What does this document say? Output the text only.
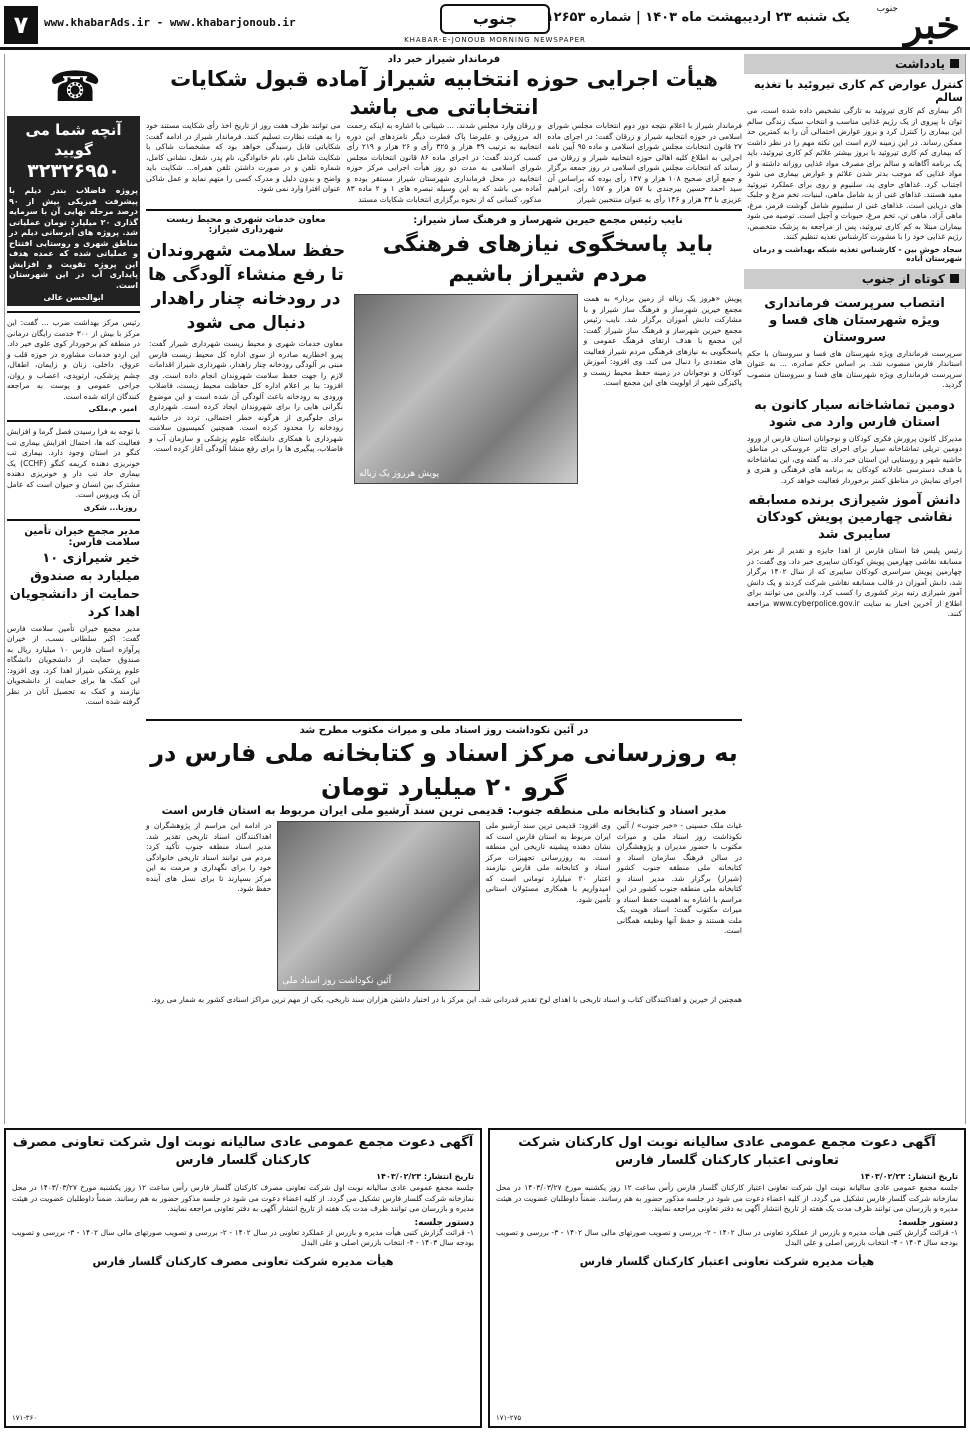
خبر
جنوب
یک شنبه ۲۳ اردیبهشت ماه ۱۴۰۳ | شماره ۱۲۶۵۳
جنوب
KHABAR-E-JONOUB MORNING NEWSPAPER
www.khabarAds.ir - www.khabarjonoub.ir
۷
☎
آنچه شما می گویید
۳۲۳۲۶۹۵۰
پروژه فاضلاب بندر دیلم با پیشرفت فیزیکی بیش از ۹۰ درصد مرحله نهایی آن با سرمایه گذاری ۲۰ میلیارد تومان عملیاتی شد. پروژه های آبرسانی دیلم در مناطق شهری و روستایی افتتاح و عملیاتی شده که عمده هدف این پروژه تقویت و افزایش پایداری آب در این شهرستان است.
ابوالحسن عالی
رئیس مرکز بهداشت ضرب ... گفت: این مرکز با بیش از ۳۰۰ خدمت رایگان درمانی در منطقه کم برخوردار کوی علوی خیر داد. این اردو خدمات مشاوره در حوزه قلب و عروق، داخلی، زنان و زایمان، اطفال، چشم پزشکی، ارتوپدی، اعصاب و روان، جراحی عمومی و پوست به مراجعه کنندگان ارائه شده است.
امیر. م.ملکی
با توجه به فرا رسیدن فصل گرما و افزایش فعالیت کنه ها، احتمال افزایش بیماری تب کنگو در استان وجود دارد. بیماری تب خونریزی دهنده کریمه کنگو (CCHF) یک بیماری حاد تب دار و خونریزی دهنده مشترک بین انسان و حیوان است که عامل آن یک ویروس است.
روزیا... شکری
مدیر مجمع خیران تأمین سلامت فارس:
خیر شیرازی ۱۰ میلیارد به صندوق حمایت از دانشجویان اهدا کرد
مدیر مجمع خیران تأمین سلامت فارس گفت: اکبر سلطانی نسب، از خیران پرآوازه استان فارس ۱۰ میلیارد ریال به صندوق حمایت از دانشجویان دانشگاه علوم پزشکی شیراز اهدا کرد. وی افزود: این کمک ها برای حمایت از دانشجویان نیازمند و کمک به تحصیل آنان در نظر گرفته شده است.
یادداشت
کنترل عوارض کم کاری تیروئید با تغذیه سالم
اگر بیماری کم کاری تیروئید به تازگی تشخیص داده شده است، می توان با پیروی از یک رژیم غذایی مناسب و انتخاب سبک زندگی سالم این بیماری را کنترل کرد و بروز عوارض احتمالی آن را به کمترین حد ممکن رساند. در این زمینه لازم است این نکته مهم را در نظر داشت که بیماری کم کاری تیروئید با بروز بیشتر علائم کم کاری تیروئید، باید یک برنامه آگاهانه و سالم برای مصرف مواد غذایی روزانه داشته و از مواد غذایی که موجب بدتر شدن علائم و عوارض بیماری می شود اجتناب کرد. غذاهای حاوی ید، سلنیوم و روی برای عملکرد تیروئید مفید هستند. غذاهای غنی از ید شامل ماهی، لبنیات، تخم مرغ و جلبک های دریایی است. غذاهای غنی از سلنیوم شامل گوشت قرمز، مرغ، ماهی آزاد، ماهی تن، تخم مرغ، حبوبات و آجیل است. توصیه می شود بیماران مبتلا به کم کاری تیروئید، پس از مراجعه به پزشک متخصص، رژیم غذایی خود را با مشورت کارشناس تغذیه تنظیم کنند.
سجاد خوش بین - کارشناس تغذیه شبکه بهداشت و درمان شهرستان آباده
کوتاه از جنوب
انتصاب سرپرست فرمانداری ویژه شهرستان های فسا و سروستان
سرپرست فرمانداری ویژه شهرستان های فسا و سروستان با حکم استاندار فارس منصوب شد. بر اساس حکم صادره، ... به عنوان سرپرست فرمانداری ویژه شهرستان های فسا و سروستان منصوب گردید.
دومین تماشاخانه سیار کانون به استان فارس وارد می شود
مدیرکل کانون پرورش فکری کودکان و نوجوانان استان فارس از ورود دومین تریلی تماشاخانه سیار برای اجرای تئاتر عروسکی در مناطق حاشیه شهر و روستایی این استان خبر داد. به گفته وی، این تماشاخانه با هدف دسترسی عادلانه کودکان به برنامه های فرهنگی و هنری و اجرای نمایش در مناطق کمتر برخوردار فعالیت خواهد کرد.
دانش آموز شیرازی برنده مسابقه نقاشی چهارمین پویش کودکان سایبری شد
رئیس پلیس فتا استان فارس از اهدا جایزه و تقدیر از نفر برتر مسابقه نقاشی چهارمین پویش کودکان سایبری خبر داد. وی گفت: در چهارمین پویش سراسری کودکان سایبری که از سال ۱۴۰۲ برگزار شد، دانش آموزان در قالب مسابقه نقاشی شرکت کردند و یک دانش آموز شیرازی رتبه برتر کشوری را کسب کرد. والدین می توانند برای اطلاع از آخرین اخبار به سایت www.cyberpolice.gov.ir مراجعه کنند.
فرماندار شیراز خبر داد
هیأت اجرایی حوزه انتخابیه شیراز آماده قبول شکایات انتخاباتی می باشد
فرماندار شیراز با اعلام نتیجه دور دوم انتخابات مجلس شورای اسلامی در حوزه انتخابیه شیراز و زرقان گفت: در اجرای ماده ۲۷ قانون انتخابات مجلس شورای اسلامی و ماده ۹۵ آیین نامه اجرایی به اطلاع کلیه اهالی حوزه انتخابیه شیراز و زرقان می رساند که انتخابات مجلس شورای اسلامی در روز جمعه برگزار و جمع آرای صحیح ۱۰۸ هزار و ۱۳۷ رأی بوده که براساس آن سید احمد حسین بیرجندی با ۵۷ هزار و ۱۵۷ رأی، ابراهیم عزیزی با ۴۳ هزار و ۱۴۶ رأی به عنوان منتخبین شیراز
و زرقان وارد مجلس شدند. ... شیبانی با اشاره به اینکه رحمت اله مرزوقی و علیرضا پاک فطرت دیگر نامزدهای این دوره انتخابیه به ترتیب ۳۹ هزار و ۳۲۵ رأی و ۲۶ هزار و ۲۱۹ رأی کسب کردند گفت: در اجرای ماده ۸۶ قانون انتخابات مجلس شورای اسلامی به مدت دو روز هیأت اجرایی مرکز حوزه انتخابیه در محل فرمانداری شهرستان شیراز مستقر بوده و آماده می باشد که به این وسیله تبصره های ۱ و ۲ ماده ۸۳ مذکور، کسانی که از نحوه برگزاری انتخابات شکایات مستند
می توانند ظرف هفت روز از تاریخ اخذ رأی شکایت مستند خود را به هیئت نظارت تسلیم کنند. فرماندار شیراز در ادامه گفت: شکایاتی قابل رسیدگی خواهد بود که مشخصات شاکی با شکایت شامل نام، نام خانوادگی، نام پدر، شغل، نشانی کامل، شماره تلفن و در صورت داشتن تلفن همراه... شکایت باید واضح و بدون دلیل و مدرک کسی را متهم نماید و عمل شاکی عنوان افترا وارد نمی شود.
نایب رئیس مجمع خیرین شهرساز و فرهنگ ساز شیراز:
باید پاسخگوی نیازهای فرهنگی مردم شیراز باشیم
پویش «هروز یک زباله از زمین بردار» به همت مجمع خیرین شهرساز و فرهنگ ساز شیراز و با مشارکت دانش آموزان برگزار شد. نایب رئیس مجمع خیرین شهرساز و فرهنگ ساز شیراز گفت: این مجمع با هدف ارتقای فرهنگ عمومی و پاسخگویی به نیازهای فرهنگی مردم شیراز فعالیت های متعددی را دنبال می کند. وی افزود: آموزش کودکان و نوجوانان در زمینه حفظ محیط زیست و پاکیزگی شهر از اولویت های این مجمع است.
پویش هرروز یک زباله
معاون خدمات شهری و محیط زیست شهرداری شیراز:
حفظ سلامت شهروندان تا رفع منشاء آلودگی ها در رودخانه چنار راهدار دنبال می شود
معاون خدمات شهری و محیط زیست شهرداری شیراز گفت: پیرو اخطاریه صادره از سوی اداره کل محیط زیست فارس مبنی بر آلودگی رودخانه چنار راهدار، شهرداری شیراز اقدامات لازم را جهت حفظ سلامت شهروندان انجام داده است. وی افزود: بنا بر اعلام اداره کل حفاظت محیط زیست، فاضلاب ورودی به رودخانه باعث آلودگی آن شده است و این موضوع نگرانی هایی را برای شهروندان ایجاد کرده است. شهرداری برای جلوگیری از هرگونه خطر احتمالی، تردد در حاشیه رودخانه را محدود کرده است. همچنین کمیسیون سلامت شهرداری با همکاری دانشگاه علوم پزشکی و سازمان آب و فاضلاب، پیگیری ها را برای رفع منشا آلودگی آغاز کرده است.
در آئین نکوداشت روز اسناد ملی و میراث مکتوب مطرح شد
به روزرسانی مرکز اسناد و کتابخانه ملی فارس در گرو ۲۰ میلیارد تومان
مدیر اسناد و کتابخانه ملی منطقه جنوب: قدیمی ترین سند آرشیو ملی ایران مربوط به استان فارس است
غیاث ملک حسینی - «خبر جنوب» / آئین نکوداشت روز اسناد ملی و میراث مکتوب با حضور مدیران و پژوهشگران در سالن فرهنگ سازمان اسناد و کتابخانه ملی منطقه جنوب کشور (شیراز) برگزار شد. مدیر اسناد و کتابخانه ملی منطقه جنوب کشور در این مراسم با اشاره به اهمیت حفظ اسناد و میراث مکتوب گفت: اسناد هویت یک ملت هستند و حفظ آنها وظیفه همگانی است.
وی افزود: قدیمی ترین سند آرشیو ملی ایران مربوط به استان فارس است که نشان دهنده پیشینه تاریخی این منطقه است. به روزرسانی تجهیزات مرکز اسناد و کتابخانه ملی فارس نیازمند اعتبار ۲۰ میلیارد تومانی است که امیدواریم با همکاری مسئولان استانی تأمین شود.
آئین نکوداشت روز اسناد ملی
در ادامه این مراسم از پژوهشگران و اهداکنندگان اسناد تاریخی تقدیر شد. مدیر اسناد منطقه جنوب تأکید کرد: مردم می توانند اسناد تاریخی خانوادگی خود را برای نگهداری و مرمت به این مرکز بسپارند تا برای نسل های آینده حفظ شود.
همچنین از خیرین و اهداکنندگان کتاب و اسناد تاریخی با اهدای لوح تقدیر قدردانی شد. این مرکز با در اختیار داشتن هزاران سند تاریخی، یکی از مهم ترین مراکز اسنادی کشور به شمار می رود.
آگهی دعوت مجمع عمومی عادی سالیانه نوبت اول کارکنان شرکت تعاونی اعتبار کارکنان گلسار فارس
تاریخ انتشار: ۱۴۰۳/۰۲/۲۳
جلسه مجمع عمومی عادی سالیانه نوبت اول شرکت تعاونی اعتبار کارکنان گلسار فارس رأس ساعت ۱۲ روز یکشنبه مورخ ۱۴۰۳/۰۳/۲۷ در محل نمازخانه شرکت گلسار فارس تشکیل می گردد. از کلیه اعضاء دعوت می شود در جلسه مذکور حضور به هم رسانند. ضمناً داوطلبان عضویت در هیئت مدیره و بازرسان می توانند ظرف مدت یک هفته از تاریخ انتشار آگهی به دفتر تعاونی مراجعه نمایند.
دستور جلسه:
۱- قرائت گزارش کتبی هیأت مدیره و بازرس از عملکرد تعاونی در سال ۱۴۰۲ - ۲- بررسی و تصویب صورتهای مالی سال ۱۴۰۲ - ۳- بررسی و تصویب بودجه سال ۱۴۰۳ - ۴- انتخاب بازرس اصلی و علی البدل
هیأت مدیره شرکت تعاونی اعتبار کارکنان گلسار فارس
۱۷۱-۲۷۵
آگهی دعوت مجمع عمومی عادی سالیانه نوبت اول شرکت تعاونی مصرف کارکنان گلسار فارس
تاریخ انتشار: ۱۴۰۳/۰۲/۲۳
جلسه مجمع عمومی عادی سالیانه نوبت اول شرکت تعاونی مصرف کارکنان گلسار فارس رأس ساعت ۱۲ روز یکشنبه مورخ ۱۴۰۳/۰۳/۲۷ در محل نمازخانه شرکت گلسار فارس تشکیل می گردد. از کلیه اعضاء دعوت می شود در جلسه مذکور حضور به هم رسانند. ضمناً داوطلبان عضویت در هیئت مدیره و بازرسان می توانند ظرف مدت یک هفته از تاریخ انتشار آگهی به دفتر تعاونی مراجعه نمایند.
دستور جلسه:
۱- قرائت گزارش کتبی هیأت مدیره و بازرس از عملکرد تعاونی در سال ۱۴۰۲ - ۲- بررسی و تصویب صورتهای مالی سال ۱۴۰۲ - ۳- بررسی و تصویب بودجه سال ۱۴۰۳ - ۴- انتخاب بازرس اصلی و علی البدل
هیأت مدیره شرکت تعاونی مصرف کارکنان گلسار فارس
۱۷۱-۳۶۰
